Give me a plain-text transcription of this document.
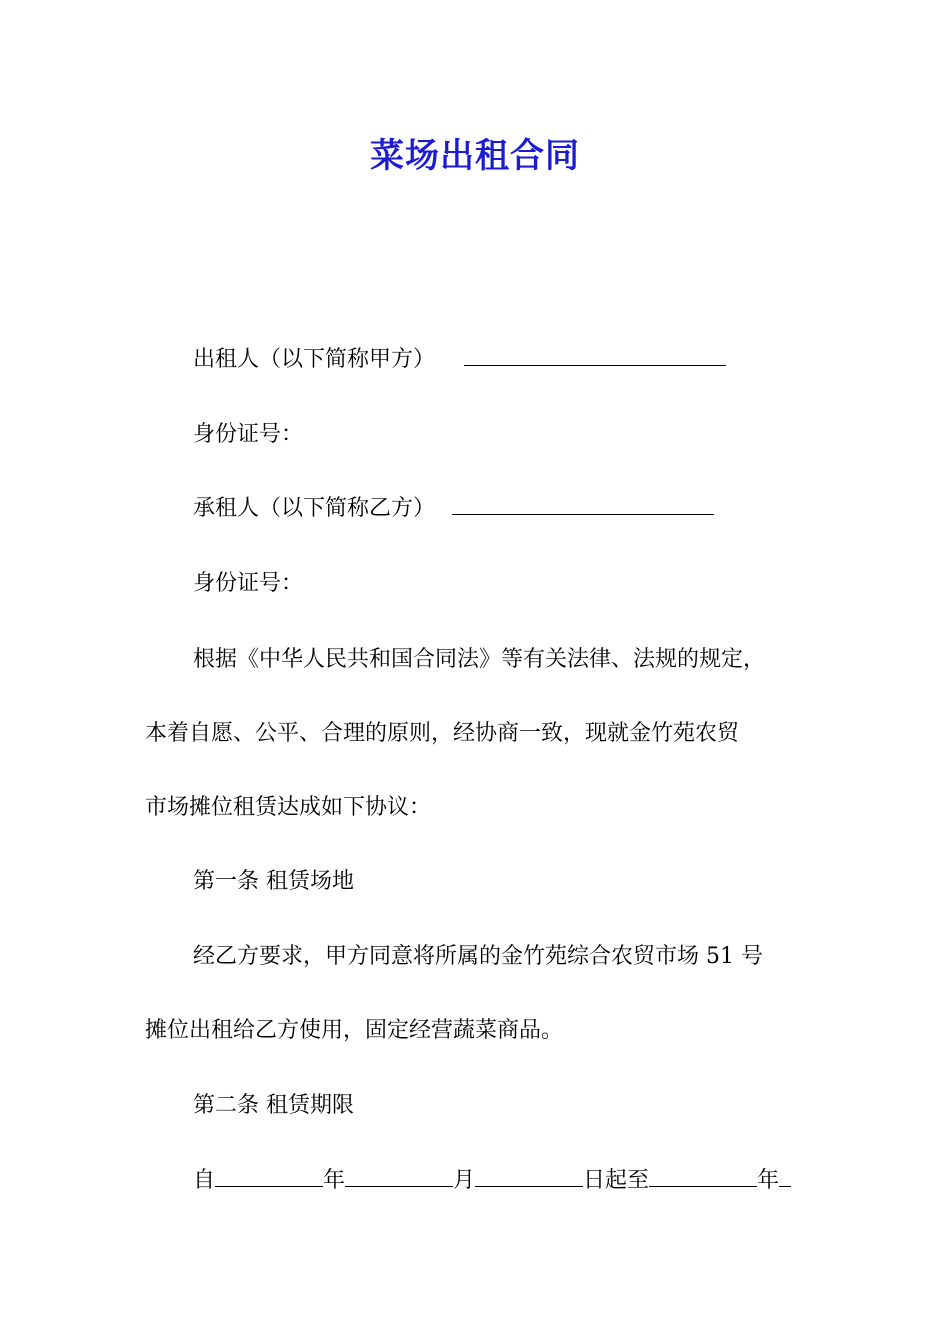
菜场出租合同
出租人（以下简称甲方）
身份证号：
承租人（以下简称乙方）
身份证号：
根据《中华人民共和国合同法》等有关法律、法规的规定，
本着自愿、公平、合理的原则，经协商一致，现就金竹苑农贸
市场摊位租赁达成如下协议：
第一条 租赁场地
经乙方要求，甲方同意将所属的金竹苑综合农贸市场 51 号
摊位出租给乙方使用，固定经营蔬菜商品。
第二条 租赁期限
自	年	月	日起至	年
